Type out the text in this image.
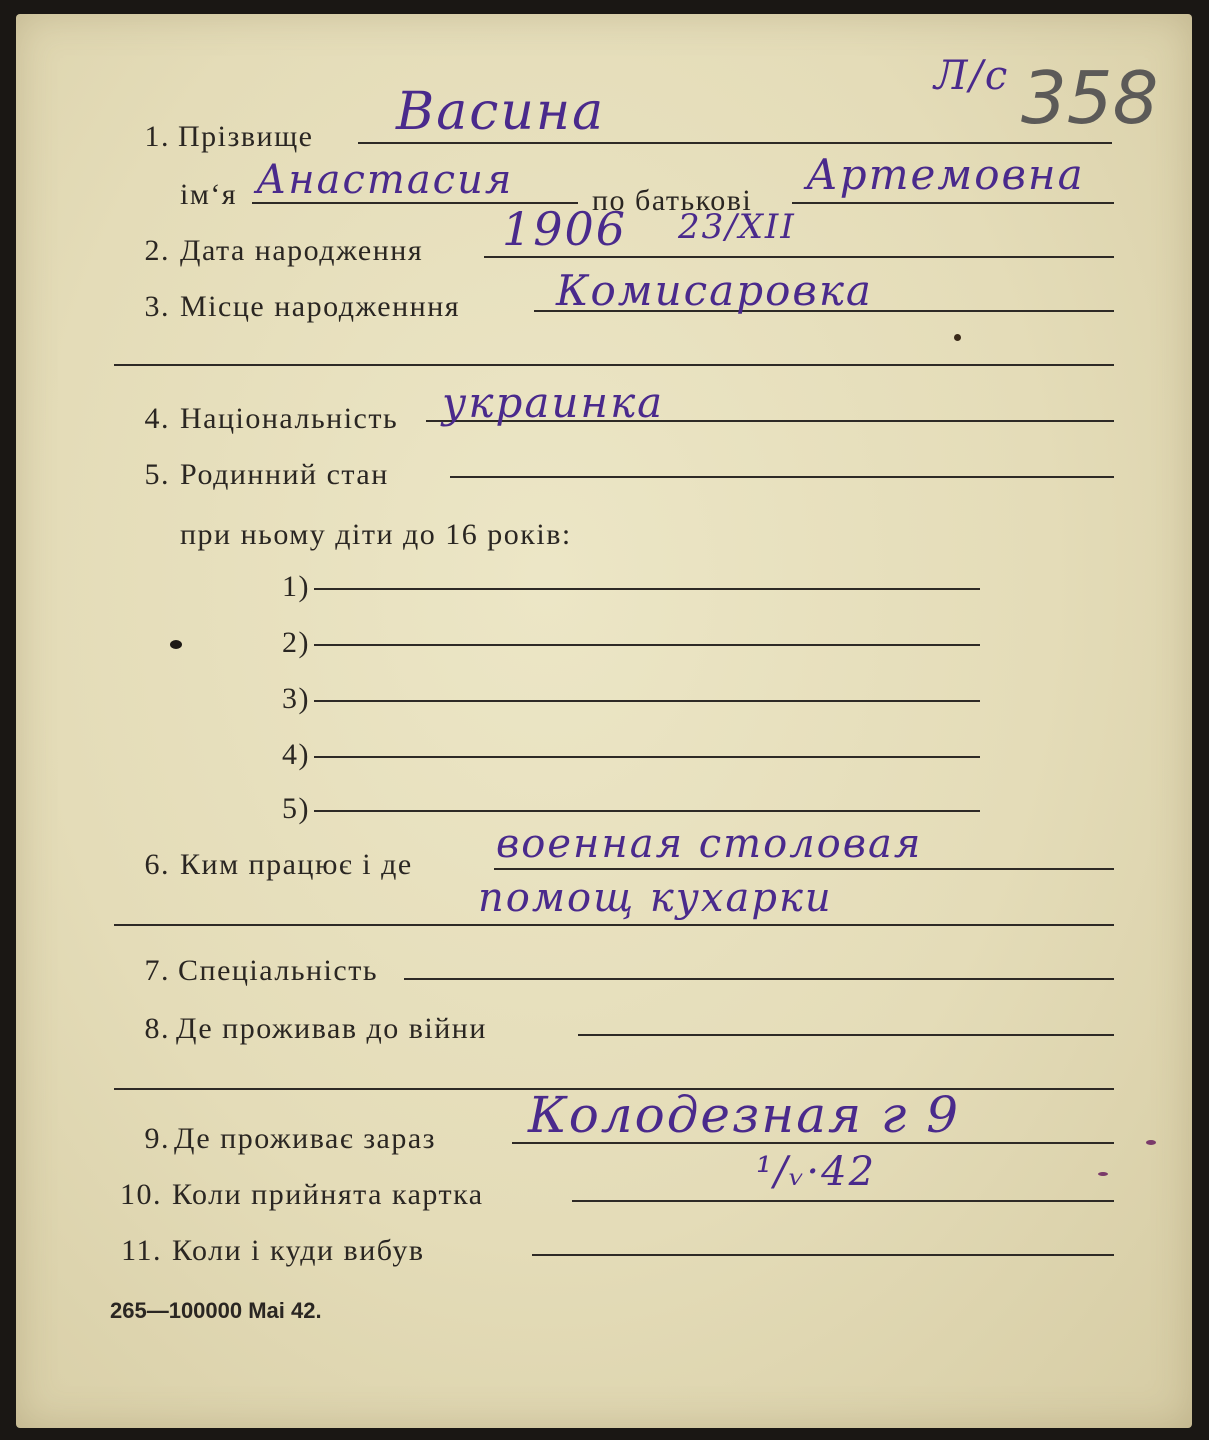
Л/с 358
1. Прізвище Васина
ім‘я Анастасия	по батькові
Артемовна
2. Дата народження 1906 23/XII
3. Місце народженння Комисаровка
4. Національність украинка
5. Родинний стан
при ньому діти до 16 років:
1)
2)
3)
4)
5)
6. Ким працює і де военная столовая
помощ кухарки
7. Спеціальність
8. Де проживав до війни
9. Де проживає зараз Колодезная г 9
10. Коли прийнята картка	¹/ᵥ·42
11. Коли і куди вибув
265—100000 Mai 42.
